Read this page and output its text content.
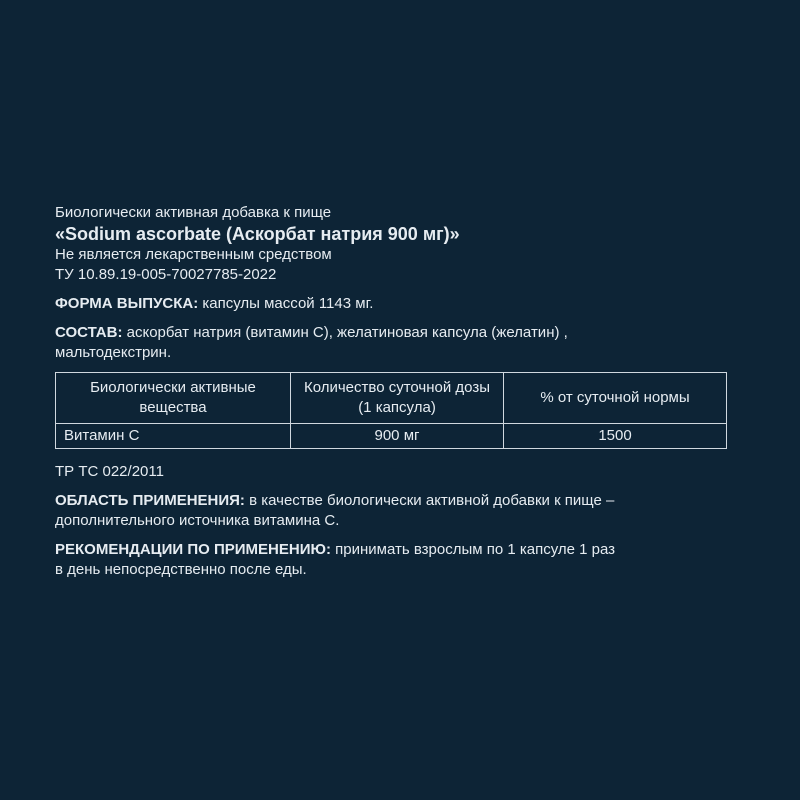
Биологически активная добавка к пище
«Sodium ascorbate (Аскорбат натрия 900 мг)»
Не является лекарственным средством
ТУ 10.89.19-005-70027785-2022
ФОРМА ВЫПУСКА: капсулы массой 1143 мг.
СОСТАВ: аскорбат натрия (витамин С), желатиновая капсула (желатин) ,
мальтодекстрин.
Биологически активные вещества	Количество суточной дозы (1 капсула)	% от суточной нормы
Витамин С	900 мг	1500
ТР ТС 022/2011
ОБЛАСТЬ ПРИМЕНЕНИЯ: в качестве биологически активной добавки к пище –
дополнительного источника витамина С.
РЕКОМЕНДАЦИИ ПО ПРИМЕНЕНИЮ: принимать взрослым по 1 капсуле 1 раз
в день непосредственно после еды.
